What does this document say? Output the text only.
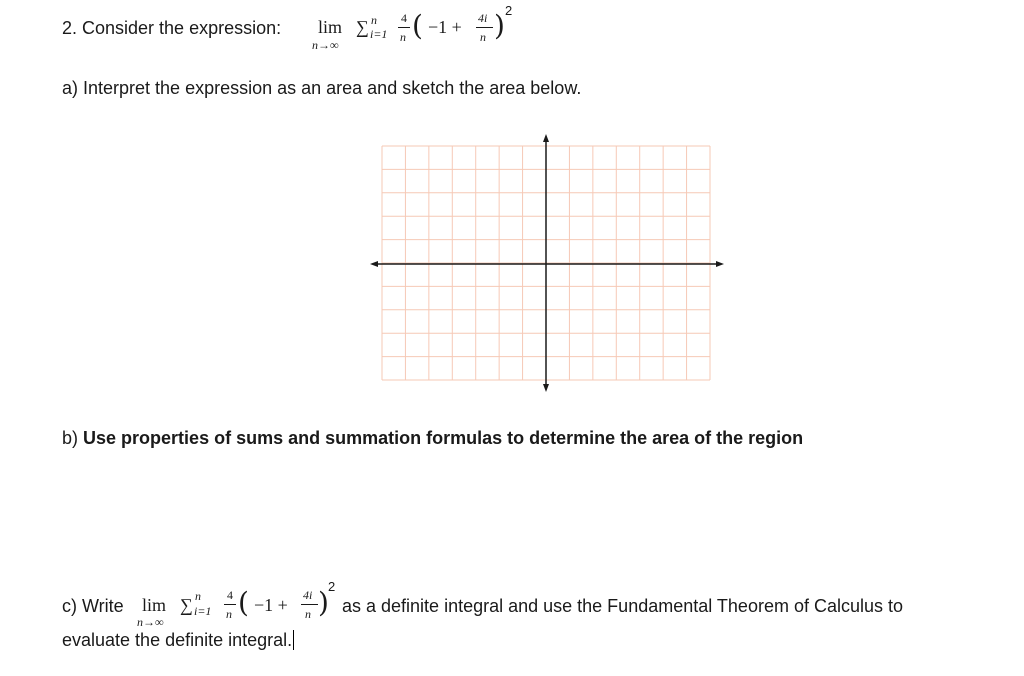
2. Consider the expression: lim
n→∞
∑ n
i=1
4
n ( −1 + 4i
n ) 2
a) Interpret the expression as an area and sketch the area below.
b) Use properties of sums and summation formulas to determine the area of the region
c) Write lim
n→∞
∑ n
i=1
4
n ( −1 + 4i
n ) 2
as a definite integral and use the Fundamental Theorem of Calculus to
evaluate the definite integral.
